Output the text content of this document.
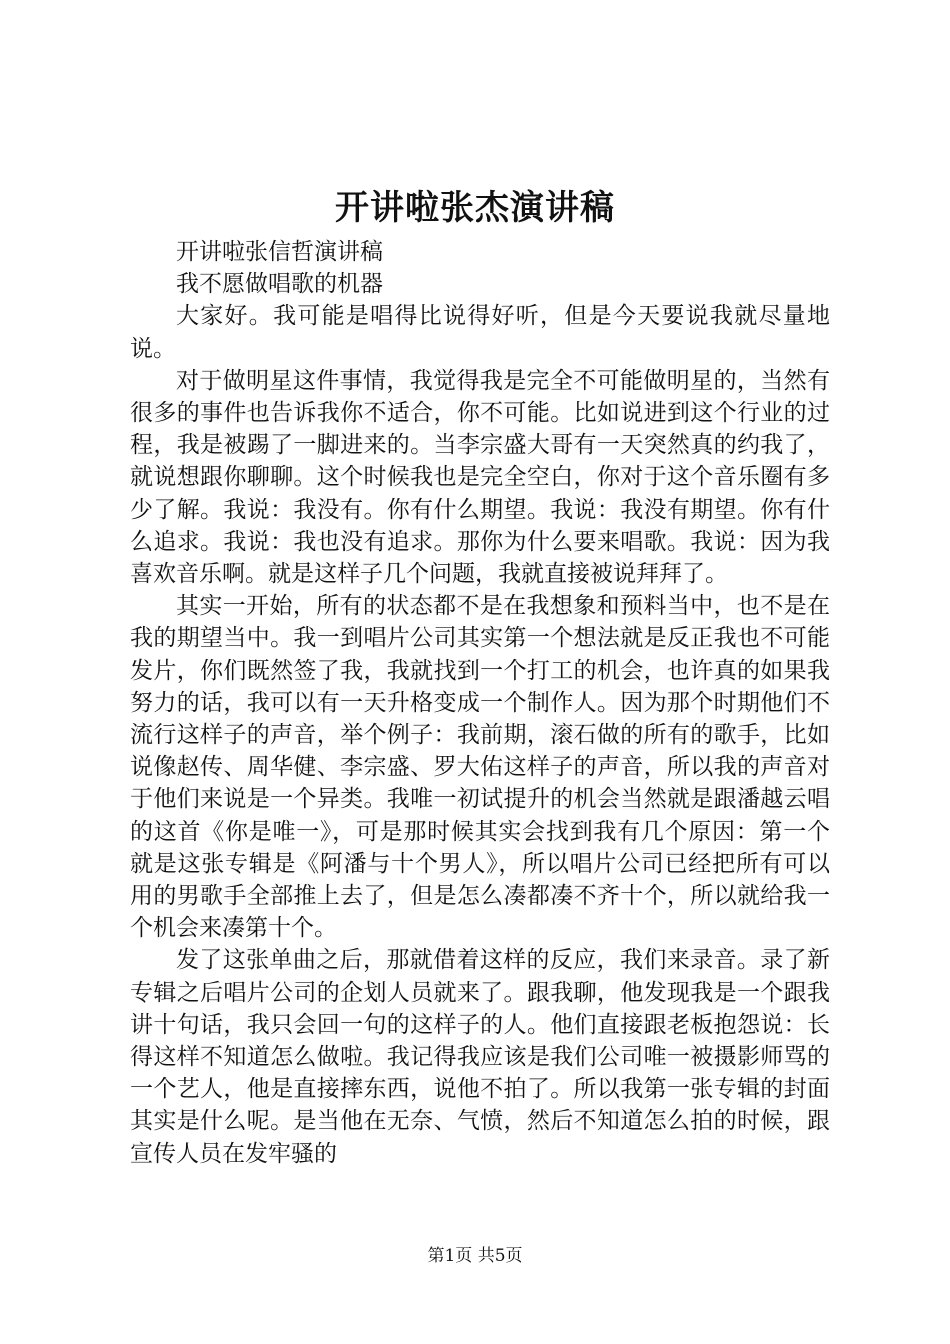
开讲啦张杰演讲稿

开讲啦张信哲演讲稿

我不愿做唱歌的机器

大家好。我可能是唱得比说得好听，但是今天要说我就尽量地说。

对于做明星这件事情，我觉得我是完全不可能做明星的，当然有很多的事件也告诉我你不适合，你不可能。比如说进到这个行业的过程，我是被踢了一脚进来的。当李宗盛大哥有一天突然真的约我了，就说想跟你聊聊。这个时候我也是完全空白，你对于这个音乐圈有多少了解。我说：我没有。你有什么期望。我说：我没有期望。你有什么追求。我说：我也没有追求。那你为什么要来唱歌。我说：因为我喜欢音乐啊。就是这样子几个问题，我就直接被说拜拜了。

其实一开始，所有的状态都不是在我想象和预料当中，也不是在我的期望当中。我一到唱片公司其实第一个想法就是反正我也不可能发片，你们既然签了我，我就找到一个打工的机会，也许真的如果我努力的话，我可以有一天升格变成一个制作人。因为那个时期他们不流行这样子的声音，举个例子：我前期，滚石做的所有的歌手，比如说像赵传、周华健、李宗盛、罗大佑这样子的声音，所以我的声音对于他们来说是一个异类。我唯一初试提升的机会当然就是跟潘越云唱的这首《你是唯一》，可是那时候其实会找到我有几个原因：第一个就是这张专辑是《阿潘与十个男人》，所以唱片公司已经把所有可以用的男歌手全部推上去了，但是怎么凑都凑不齐十个，所以就给我一个机会来凑第十个。

发了这张单曲之后，那就借着这样的反应，我们来录音。录了新专辑之后唱片公司的企划人员就来了。跟我聊，他发现我是一个跟我讲十句话，我只会回一句的这样子的人。他们直接跟老板抱怨说：长得这样不知道怎么做啦。我记得我应该是我们公司唯一被摄影师骂的一个艺人，他是直接摔东西，说他不拍了。所以我第一张专辑的封面其实是什么呢。是当他在无奈、气愤，然后不知道怎么拍的时候，跟宣传人员在发牢骚的

第1页 共5页
